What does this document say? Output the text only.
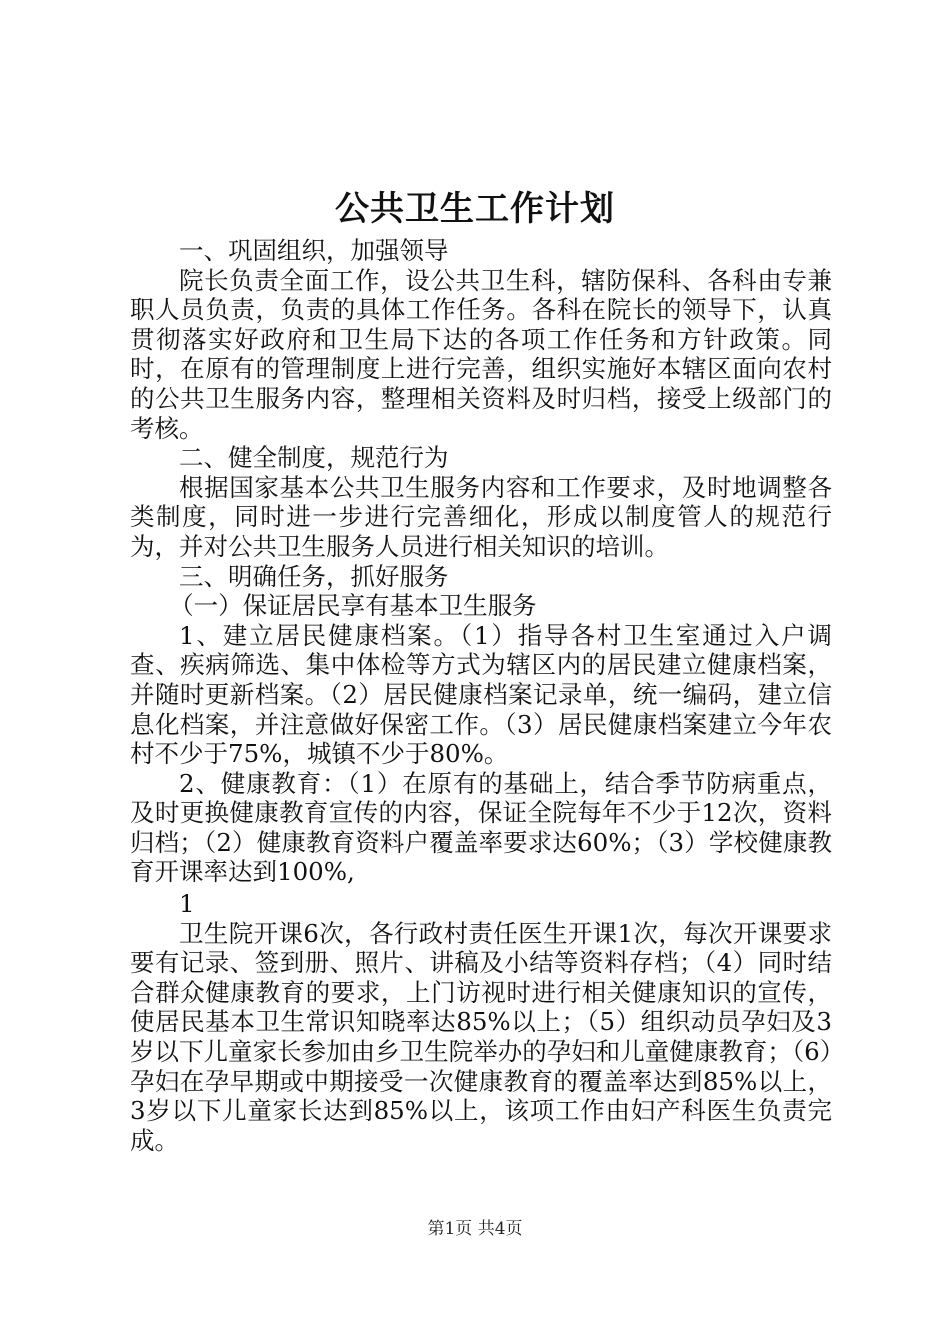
公共卫生工作计划

一、巩固组织，加强领导

院长负责全面工作，设公共卫生科，辖防保科、各科由专兼职人员负责，负责的具体工作任务。各科在院长的领导下，认真贯彻落实好政府和卫生局下达的各项工作任务和方针政策。同时，在原有的管理制度上进行完善，组织实施好本辖区面向农村的公共卫生服务内容，整理相关资料及时归档，接受上级部门的考核。

二、健全制度，规范行为

根据国家基本公共卫生服务内容和工作要求，及时地调整各类制度，同时进一步进行完善细化，形成以制度管人的规范行为，并对公共卫生服务人员进行相关知识的培训。

三、明确任务，抓好服务

（一）保证居民享有基本卫生服务

1、建立居民健康档案。（1）指导各村卫生室通过入户调查、疾病筛选、集中体检等方式为辖区内的居民建立健康档案，并随时更新档案。（2）居民健康档案记录单，统一编码，建立信息化档案，并注意做好保密工作。（3）居民健康档案建立今年农村不少于75%，城镇不少于80%。

2、健康教育：（1）在原有的基础上，结合季节防病重点，及时更换健康教育宣传的内容，保证全院每年不少于12次，资料归档；（2）健康教育资料户覆盖率要求达60%；（3）学校健康教育开课率达到100%,

1

卫生院开课6次，各行政村责任医生开课1次，每次开课要求要有记录、签到册、照片、讲稿及小结等资料存档；（4）同时结合群众健康教育的要求，上门访视时进行相关健康知识的宣传，使居民基本卫生常识知晓率达85%以上；（5）组织动员孕妇及3岁以下儿童家长参加由乡卫生院举办的孕妇和儿童健康教育；（6）孕妇在孕早期或中期接受一次健康教育的覆盖率达到85%以上，3岁以下儿童家长达到85%以上，该项工作由妇产科医生负责完成。

第1页 共4页
